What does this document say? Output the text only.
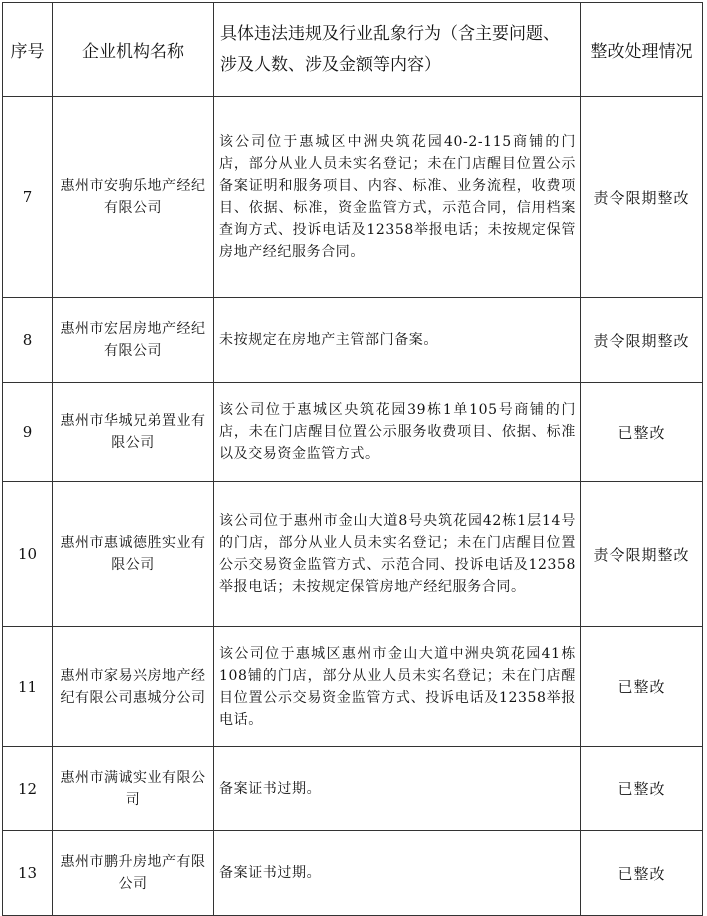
序号	企业机构名称	具体违法违规及行业乱象行为（含主要问题、涉及人数、涉及金额等内容）	整改处理情况
7	惠州市安驹乐地产经纪有限公司	该公司位于惠城区中洲央筑花园40-2-115商铺的门店，部分从业人员未实名登记；未在门店醒目位置公示备案证明和服务项目、内容、标准、业务流程，收费项目、依据、标准，资金监管方式，示范合同，信用档案查询方式、投诉电话及12358举报电话；未按规定保管房地产经纪服务合同。	责令限期整改
8	惠州市宏居房地产经纪有限公司	未按规定在房地产主管部门备案。	责令限期整改
9	惠州市华城兄弟置业有限公司	该公司位于惠城区央筑花园39栋1单105号商铺的门店，未在门店醒目位置公示服务收费项目、依据、标准以及交易资金监管方式。	已整改
10	惠州市惠诚德胜实业有限公司	该公司位于惠州市金山大道8号央筑花园42栋1层14号的门店，部分从业人员未实名登记；未在门店醒目位置公示交易资金监管方式、示范合同、投诉电话及12358举报电话；未按规定保管房地产经纪服务合同。	责令限期整改
11	惠州市家易兴房地产经纪有限公司惠城分公司	该公司位于惠城区惠州市金山大道中洲央筑花园41栋108铺的门店，部分从业人员未实名登记；未在门店醒目位置公示交易资金监管方式、投诉电话及12358举报电话。	已整改
12	惠州市满诚实业有限公司	备案证书过期。	已整改
13	惠州市鹏升房地产有限公司	备案证书过期。	已整改
